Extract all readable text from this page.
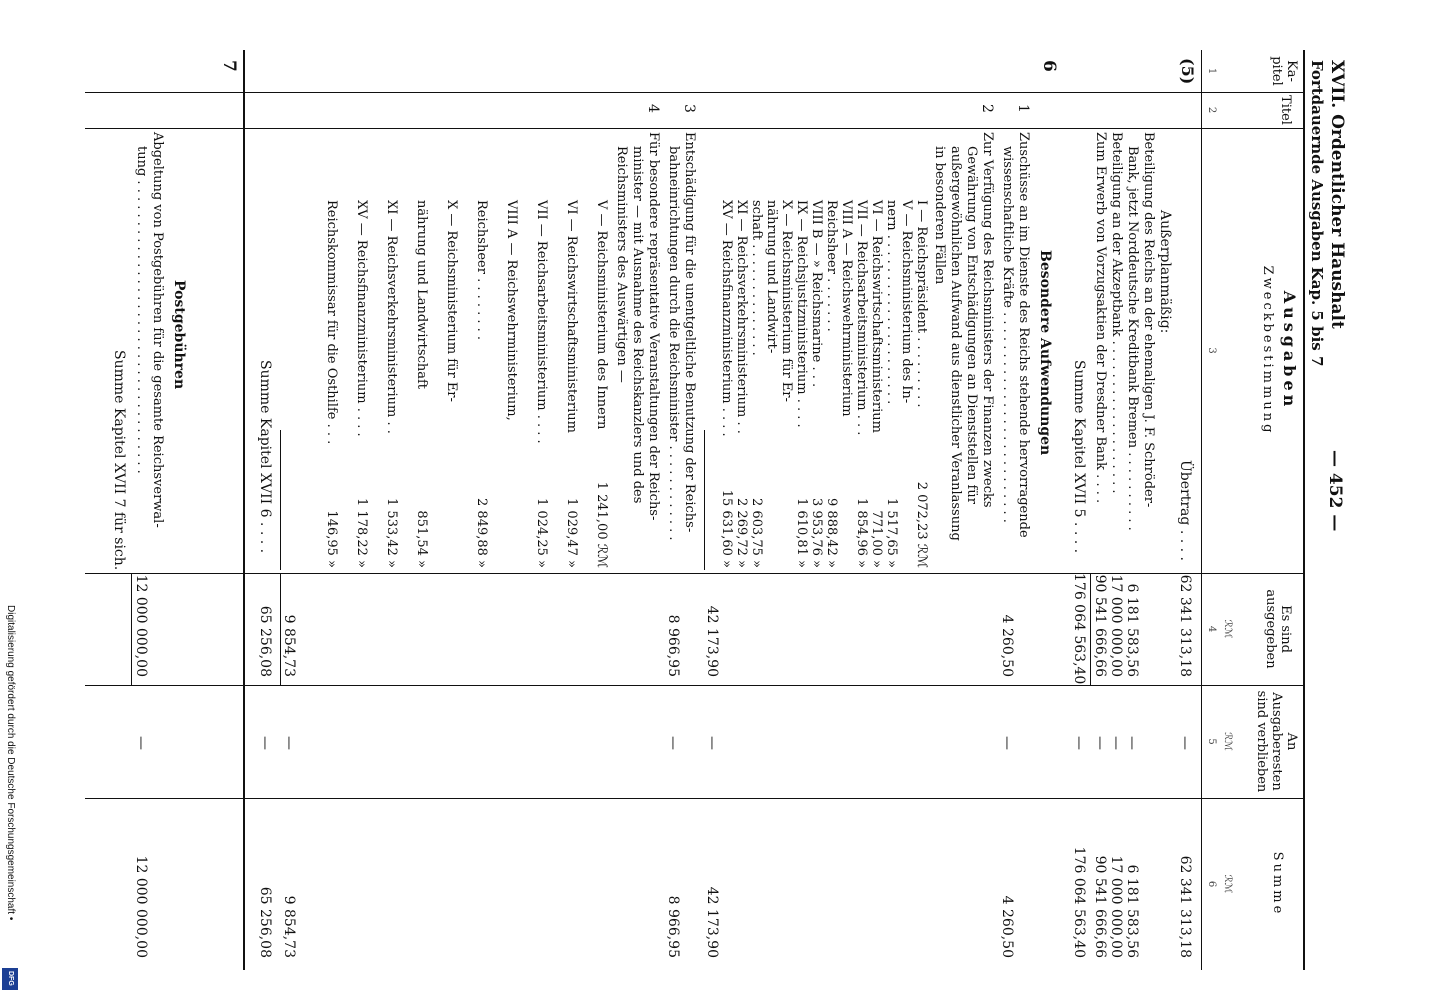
Digitalisierung gefördert durch die Deutsche Forschungsgemeinschaft •
DFG
XVII. Ordentlicher Haushalt
Fortdauernde Ausgaben Kap. 5 bis 7
— 452 —
Ka-
pitel
Titel
Ausgaben
Zweckbestimmung
Es sind
ausgegeben
An
Ausgaberesten
sind verblieben
Summe
ℛℳ
ℛℳ
ℛℳ
1
2
3
4
5
6
(5)
Übertrag . . . .
62 341 313,18
—
62 341 313,18
Außerplanmäßig:
Beteiligung des Reichs an der ehemaligen J. F. Schröder-
Bank, jetzt Norddeutsche Kreditbank Bremen . . . . . . . . . .
6 181 583,56
—
6 181 583,56
Beteiligung an der Akzeptbank . . . . . . . . . . . . . . . . . . .
17 000 000,00
—
17 000 000,00
Zum Erwerb von Vorzugsaktien der Dresdner Bank . . . .
90 541 666,66
—
90 541 666,66
Summe Kapitel XVII 5 . . . .
176 064 563,40
—
176 064 563,40
6
Besondere Aufwendungen
1
Zuschüsse an im Dienste des Reichs stehende hervorragende
wissenschaftliche Kräfte . . . . . . . . . . . . . . . . . . . . . . . . . .
4 260,50
—
4 260,50
2
Zur Verfügung des Reichsministers der Finanzen zwecks
Gewährung von Entschädigungen an Dienststellen für
außergewöhnlichen Aufwand aus dienstlicher Veranlassung
in besonderen Fällen
I — Reichspräsident . . . . . . . . .
2 072,23 ℛℳ
V — Reichsministerium des In-
nern . . . . . . . . . . . . . . . . . . . . .
1 517,65 »
VI — Reichswirtschaftsministerium
771,00 »
VII — Reichsarbeitsministerium . . .
1 854,96 »
VIII A — Reichswehrministerium
Reichsheer . . . . . . .
9 888,42 »
VIII B — » Reichsmarine . . .
3 953,76 »
IX — Reichsjustizministerium . . . .
1 610,81 »
X — Reichsministerium für Er-
nährung und Landwirt-
schaft . . . . . . . . . . . . . .
2 603,75 »
XI — Reichsverkehrsministerium . .
2 269,72 »
XV — Reichsfinanzministerium . . . .
15 631,60 »
42 173,90
—
42 173,90
3
Entschädigung für die unentgeltliche Benutzung der Reichs-
bahneinrichtungen durch die Reichsminister . . . . . . . . . . . .
8 966,95
—
8 966,95
4
Für besondere repräsentative Veranstaltungen der Reichs-
minister — mit Ausnahme des Reichskanzlers und des
Reichsministers des Auswärtigen —
V — Reichsministerium des Innern
1 241,00 ℛℳ
VI — Reichswirtschaftsministerium
1 029,47 »
VII — Reichsarbeitsministerium . . . .
1 024,25 »
VIII A — Reichswehrministerium,
Reichsheer . . . . . . . .
2 849,88 »
X — Reichsministerium für Er-
nährung und Landwirtschaft
851,54 »
XI — Reichsverkehrsministerium . .
1 533,42 »
XV — Reichsfinanzministerium . . . .
1 178,22 »
Reichskommissar für die Osthilfe . . .
146,95 »
9 854,73
—
9 854,73
Summe Kapitel XVII 6 . . . .
65 256,08
—
65 256,08
7
Postgebühren
Abgeltung von Postgebühren für die gesamte Reichsverwal-
tung . . . . . . . . . . . . . . . . . . . . . . . . . . . . . . . . . . . .
12 000 000,00
—
12 000 000,00
Summe Kapitel XVII 7 für sich.
